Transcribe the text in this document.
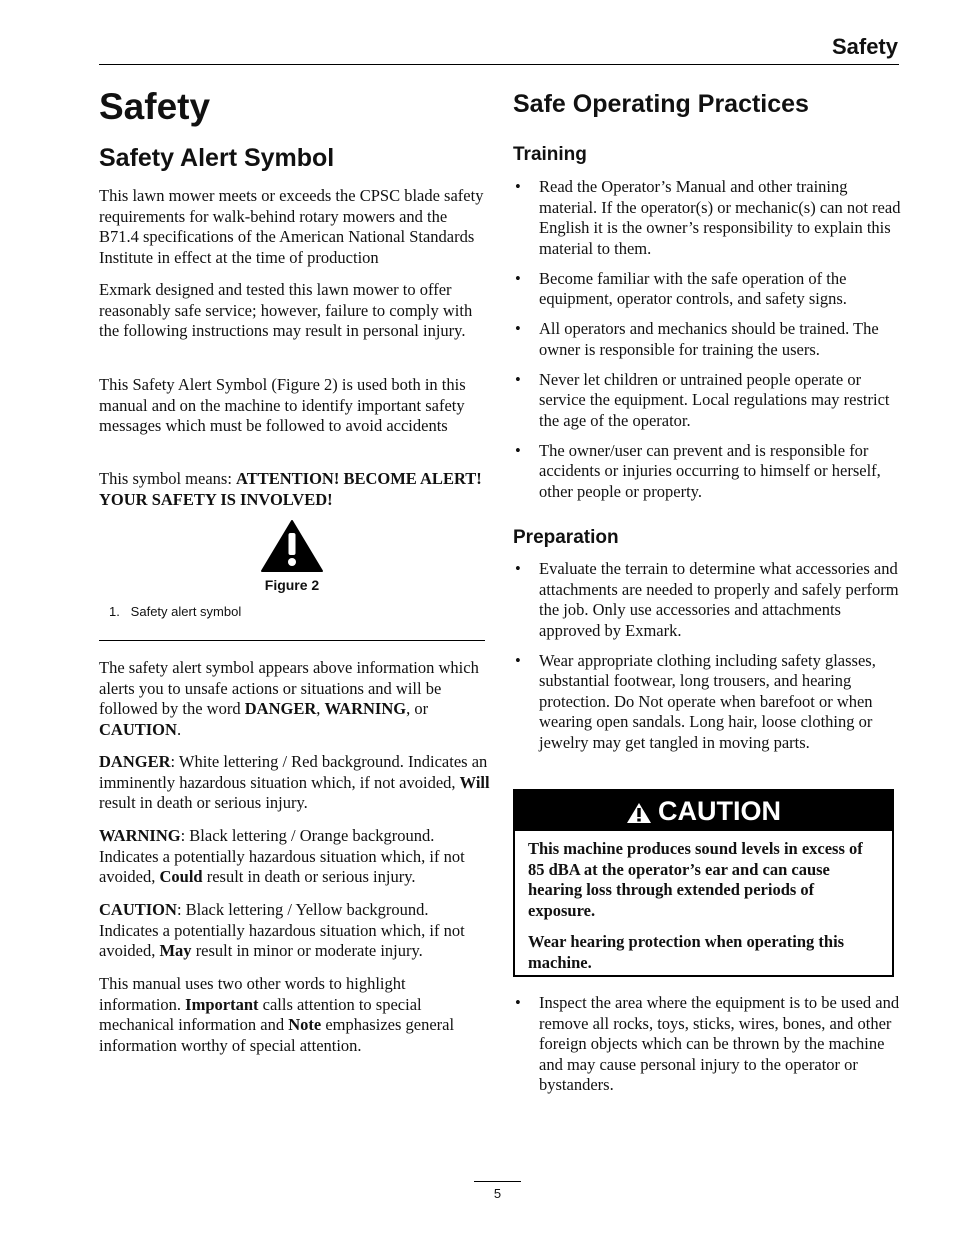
Safety
Safety
Safety Alert Symbol

This lawn mower meets or exceeds the CPSC blade safety requirements for walk-behind rotary mowers and the B71.4 specifications of the American National Standards Institute in effect at the time of production

Exmark designed and tested this lawn mower to offer reasonably safe service; however, failure to comply with the following instructions may result in personal injury.

This Safety Alert Symbol (Figure 2) is used both in this manual and on the machine to identify important safety messages which must be followed to avoid accidents

This symbol means: ATTENTION! BECOME ALERT! YOUR SAFETY IS INVOLVED!

Figure 2
1.   Safety alert symbol

The safety alert symbol appears above information which alerts you to unsafe actions or situations and will be followed by the word DANGER, WARNING, or CAUTION.

DANGER: White lettering / Red background. Indicates an imminently hazardous situation which, if not avoided, Will result in death or serious injury.

WARNING: Black lettering / Orange background. Indicates a potentially hazardous situation which, if not avoided, Could result in death or serious injury.

CAUTION: Black lettering / Yellow background. Indicates a potentially hazardous situation which, if not avoided, May result in minor or moderate injury.

This manual uses two other words to highlight information. Important calls attention to special mechanical information and Note emphasizes general information worthy of special attention.

Safe Operating Practices
Training
• Read the Operator’s Manual and other training material. If the operator(s) or mechanic(s) can not read English it is the owner’s responsibility to explain this material to them.
• Become familiar with the safe operation of the equipment, operator controls, and safety signs.
• All operators and mechanics should be trained. The owner is responsible for training the users.
• Never let children or untrained people operate or service the equipment. Local regulations may restrict the age of the operator.
• The owner/user can prevent and is responsible for accidents or injuries occurring to himself or herself, other people or property.
Preparation
• Evaluate the terrain to determine what accessories and attachments are needed to properly and safely perform the job. Only use accessories and attachments approved by Exmark.
• Wear appropriate clothing including safety glasses, substantial footwear, long trousers, and hearing protection. Do Not operate when barefoot or when wearing open sandals. Long hair, loose clothing or jewelry may get tangled in moving parts.
CAUTION

This machine produces sound levels in excess of 85 dBA at the operator’s ear and can cause hearing loss through extended periods of exposure.

Wear hearing protection when operating this machine.

• Inspect the area where the equipment is to be used and remove all rocks, toys, sticks, wires, bones, and other foreign objects which can be thrown by the machine and may cause personal injury to the operator or bystanders.
5
